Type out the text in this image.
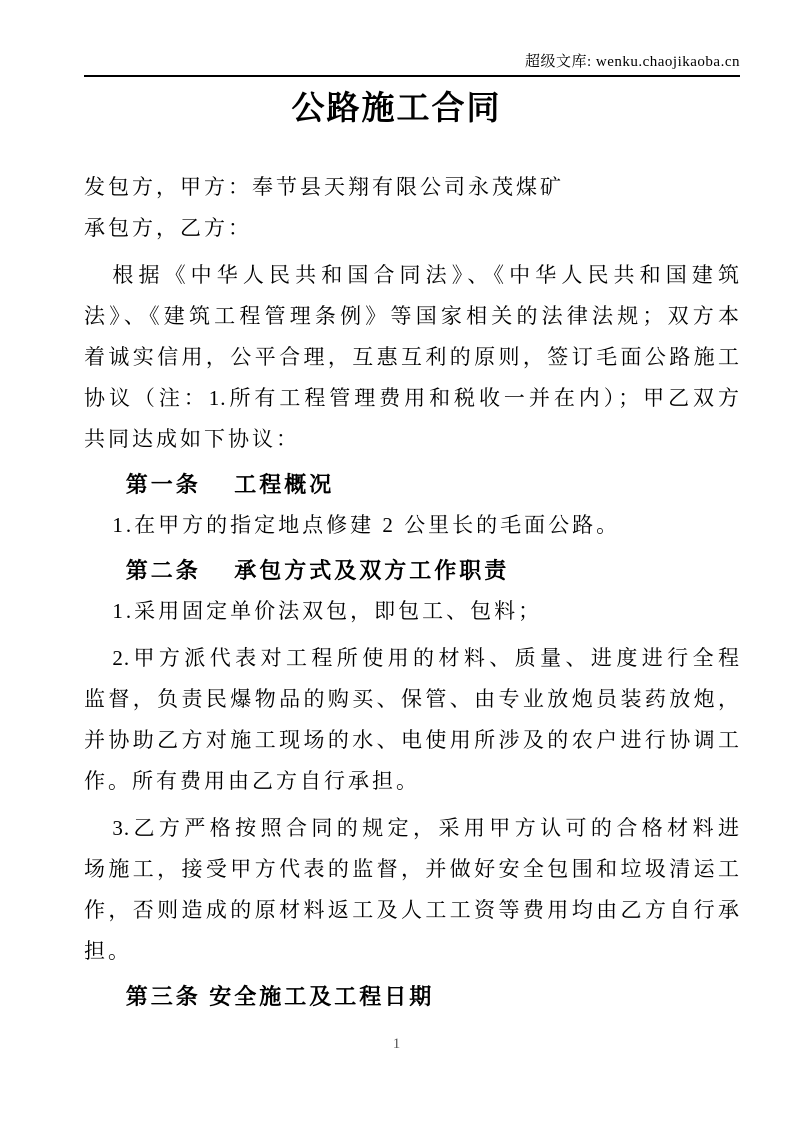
超级文库: wenku.chaojikaoba.cn
公路施工合同
发包方，甲方：奉节县天翔有限公司永茂煤矿
承包方，乙方：
根据《中华人民共和国合同法》、《中华人民共和国建筑
法》、《建筑工程管理条例》等国家相关的法律法规；双方本
着诚实信用，公平合理，互惠互利的原则，签订毛面公路施工
协议（注：1.所有工程管理费用和税收一并在内）；甲乙双方
共同达成如下协议：
第一条　 工程概况
1.在甲方的指定地点修建 2 公里长的毛面公路。
第二条　 承包方式及双方工作职责
1.采用固定单价法双包，即包工、包料；
2.甲方派代表对工程所使用的材料、质量、进度进行全程
监督，负责民爆物品的购买、保管、由专业放炮员装药放炮，
并协助乙方对施工现场的水、电使用所涉及的农户进行协调工
作。所有费用由乙方自行承担。
3.乙方严格按照合同的规定，采用甲方认可的合格材料进
场施工，接受甲方代表的监督，并做好安全包围和垃圾清运工
作，否则造成的原材料返工及人工工资等费用均由乙方自行承
担。
第三条 安全施工及工程日期
1
